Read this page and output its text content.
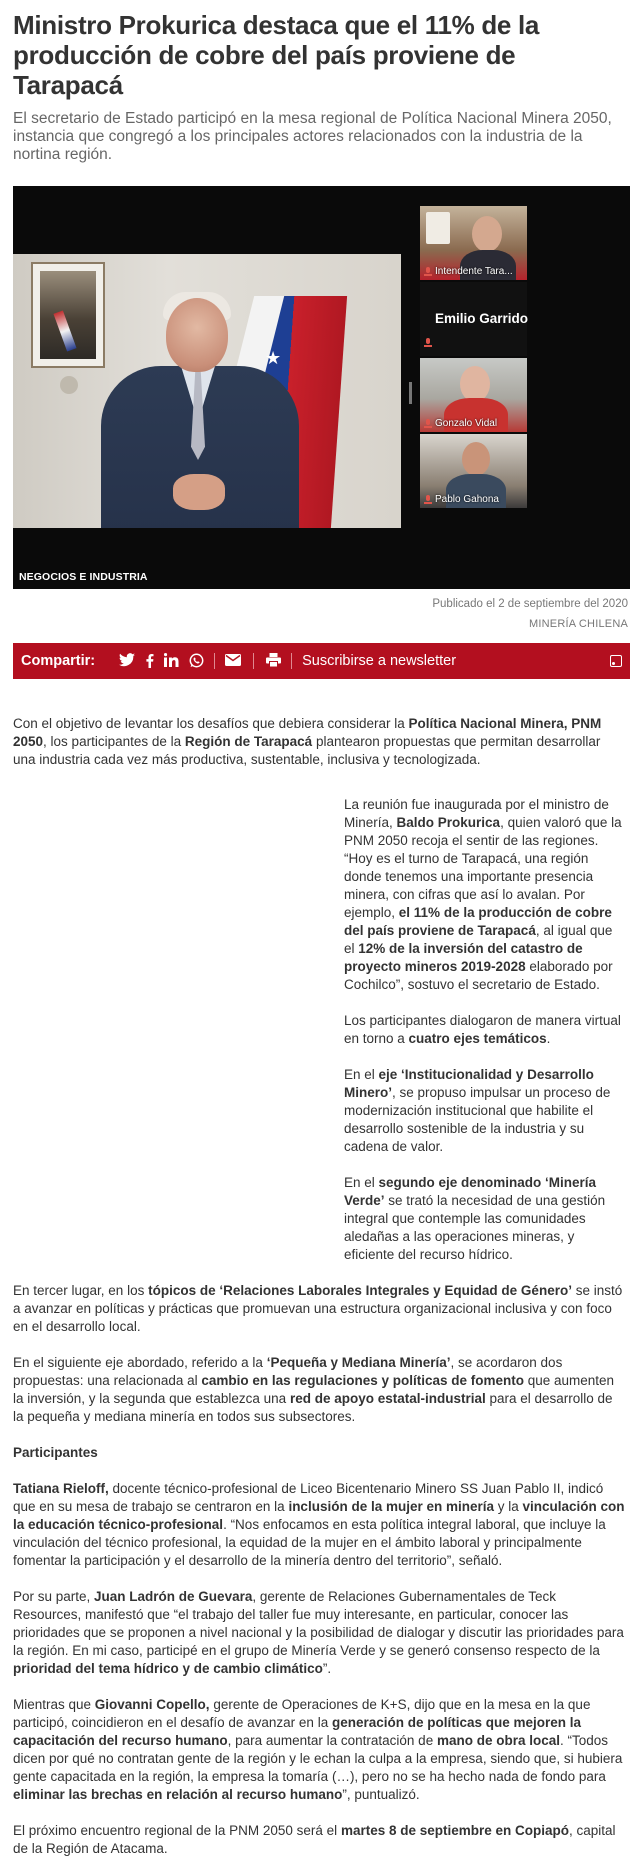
Ministro Prokurica destaca que el 11% de la producción de cobre del país proviene de Tarapacá
El secretario de Estado participó en la mesa regional de Política Nacional Minera 2050, instancia que congregó a los principales actores relacionados con la industria de la nortina región.
★
Intendente Tara...
Emilio Garrido
Gonzalo Vidal
Pablo Gahona
NEGOCIOS E INDUSTRIA
Publicado el 2 de septiembre del 2020
MINERÍA CHILENA
Compartir:	Suscribirse a newsletter

Con el objetivo de levantar los desafíos que debiera considerar la Política Nacional Minera, PNM 2050, los participantes de la Región de Tarapacá plantearon propuestas que permitan desarrollar una industria cada vez más productiva, sustentable, inclusiva y tecnologizada.

La reunión fue inaugurada por el ministro de Minería, Baldo Prokurica, quien valoró que la PNM 2050 recoja el sentir de las regiones. “Hoy es el turno de Tarapacá, una región donde tenemos una importante presencia minera, con cifras que así lo avalan. Por ejemplo, el 11% de la producción de cobre del país proviene de Tarapacá, al igual que el 12% de la inversión del catastro de proyecto mineros 2019-2028 elaborado por Cochilco”, sostuvo el secretario de Estado.

Los participantes dialogaron de manera virtual en torno a cuatro ejes temáticos.

En el eje ‘Institucionalidad y Desarrollo Minero’, se propuso impulsar un proceso de modernización institucional que habilite el desarrollo sostenible de la industria y su cadena de valor.

En el segundo eje denominado ‘Minería Verde’ se trató la necesidad de una gestión integral que contemple las comunidades aledañas a las operaciones mineras, y eficiente del recurso hídrico.

En tercer lugar, en los tópicos de ‘Relaciones Laborales Integrales y Equidad de Género’ se instó a avanzar en políticas y prácticas que promuevan una estructura organizacional inclusiva y con foco en el desarrollo local.

En el siguiente eje abordado, referido a la ‘Pequeña y Mediana Minería’, se acordaron dos propuestas: una relacionada al cambio en las regulaciones y políticas de fomento que aumenten la inversión, y la segunda que establezca una red de apoyo estatal-industrial para el desarrollo de la pequeña y mediana minería en todos sus subsectores.

Participantes

Tatiana Rieloff, docente técnico-profesional de Liceo Bicentenario Minero SS Juan Pablo II, indicó que en su mesa de trabajo se centraron en la inclusión de la mujer en minería y la vinculación con la educación técnico-profesional. “Nos enfocamos en esta política integral laboral, que incluye la vinculación del técnico profesional, la equidad de la mujer en el ámbito laboral y principalmente fomentar la participación y el desarrollo de la minería dentro del territorio”, señaló.

Por su parte, Juan Ladrón de Guevara, gerente de Relaciones Gubernamentales de Teck Resources, manifestó que “el trabajo del taller fue muy interesante, en particular, conocer las prioridades que se proponen a nivel nacional y la posibilidad de dialogar y discutir las prioridades para la región. En mi caso, participé en el grupo de Minería Verde y se generó consenso respecto de la prioridad del tema hídrico y de cambio climático”.

Mientras que Giovanni Copello, gerente de Operaciones de K+S, dijo que en la mesa en la que participó, coincidieron en el desafío de avanzar en la generación de políticas que mejoren la capacitación del recurso humano, para aumentar la contratación de mano de obra local. “Todos dicen por qué no contratan gente de la región y le echan la culpa a la empresa, siendo que, si hubiera gente capacitada en la región, la empresa la tomaría (…), pero no se ha hecho nada de fondo para eliminar las brechas en relación al recurso humano”, puntualizó.

El próximo encuentro regional de la PNM 2050 será el martes 8 de septiembre en Copiapó, capital de la Región de Atacama.
